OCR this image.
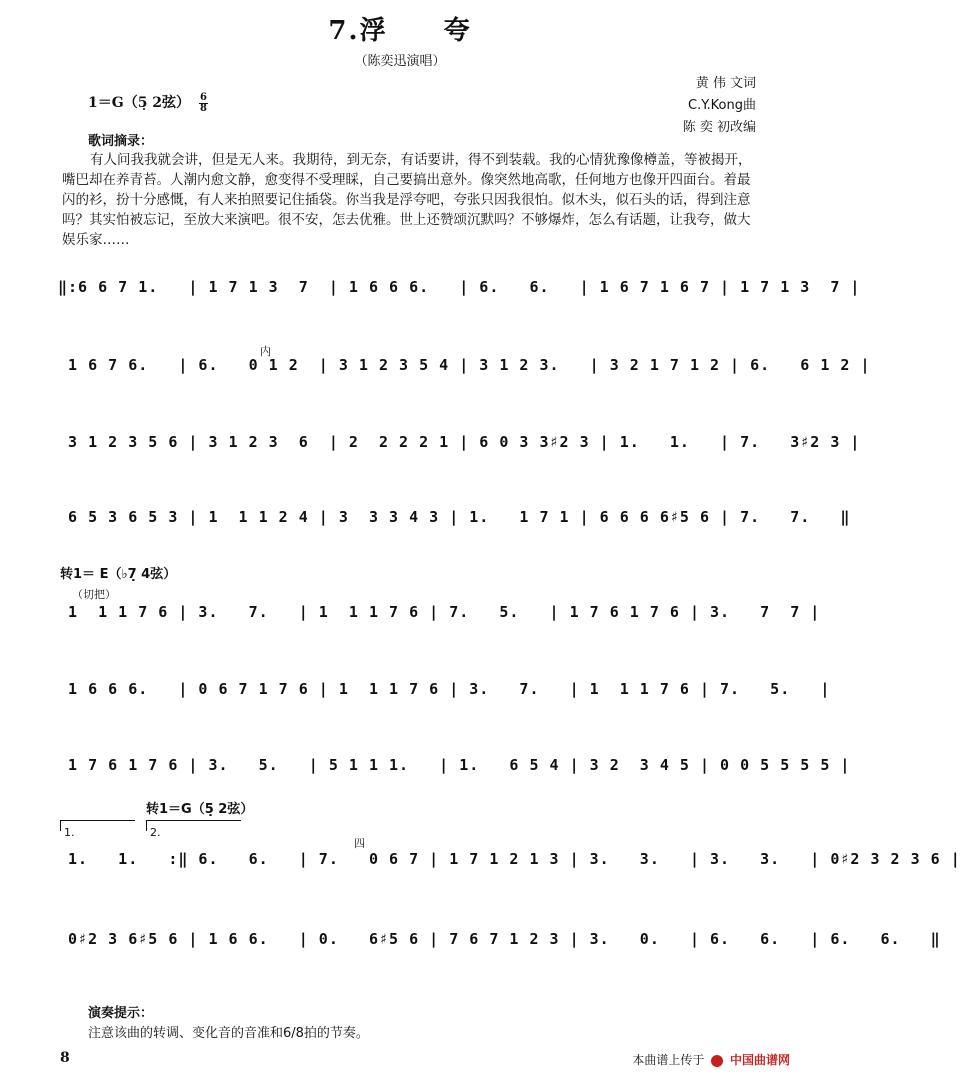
7.浮　　夸
（陈奕迅演唱）
黄 伟 文词
C.Y.Kong曲
陈 奕 初改编
1＝G（5̣ 2弦） $\frac{6}{8}$
歌词摘录：
有人问我我就会讲，但是无人来。我期待，到无奈，有话要讲，得不到装载。我的心情犹豫像樽盖，等被揭开，嘴巴却在养青苔。人潮内愈文静，愈变得不受理睬，自己要搞出意外。像突然地高歌，任何地方也像开四面台。着最闪的衫，扮十分感慨，有人来拍照要记住插袋。你当我是浮夸吧，夸张只因我很怕。似木头，似石头的话，得到注意吗？其实怕被忘记，至放大来演吧。很不安，怎去优雅。世上还赞颂沉默吗？不够爆炸，怎么有话题，让我夸，做大娱乐家……
‖:6 6 7 1.   | 1 7 1 3  7  | 1 6 6 6.   | 6.   6.   | 1 6 7 1 6 7 | 1 7 1 3  7 |
1 6 7 6.   | 6.   0 1 2  | 3 1 2 3 5 4 | 3 1 2 3.   | 3 2 1 7 1 2 | 6.   6 1 2 |
内
3 1 2 3 5 6 | 3 1 2 3  6  | 2  2 2 2 1 | 6 0 3 3♯2 3 | 1.   1.   | 7.   3♯2 3 |
6 5 3 6 5 3 | 1  1 1 2 4 | 3  3 3 4 3 | 1.   1 7 1 | 6 6 6 6♯5 6 | 7.   7.   ‖
转1＝ E（♭7̣ 4弦）
（切把）
1  1 1 7 6 | 3.   7.   | 1  1 1 7 6 | 7.   5.   | 1 7 6 1 7 6 | 3.   7  7 |
1 6 6 6.   | 0 6 7 1 7 6 | 1  1 1 7 6 | 3.   7.   | 1  1 1 7 6 | 7.   5.   |
1 7 6 1 7 6 | 3.   5.   | 5 1 1 1.   | 1.   6 5 4 | 3 2  3 4 5 | 0 0 5 5 5 5 |
转1＝G（5̣ 2弦）
1.	2.
四
1.   1.   :‖ 6.   6.   | 7.   0 6 7 | 1 7 1 2 1 3 | 3.   3.   | 3.   3.   | 0♯2 3 2 3 6 |
0♯2 3 6♯5 6 | 1 6 6.   | 0.   6♯5 6 | 7 6 7 1 2 3 | 3.   0.   | 6.   6.   | 6.   6.   ‖
演奏提示：
注意该曲的转调、变化音的音准和6/8拍的节奏。
8	本曲谱上传于 中国曲谱网
